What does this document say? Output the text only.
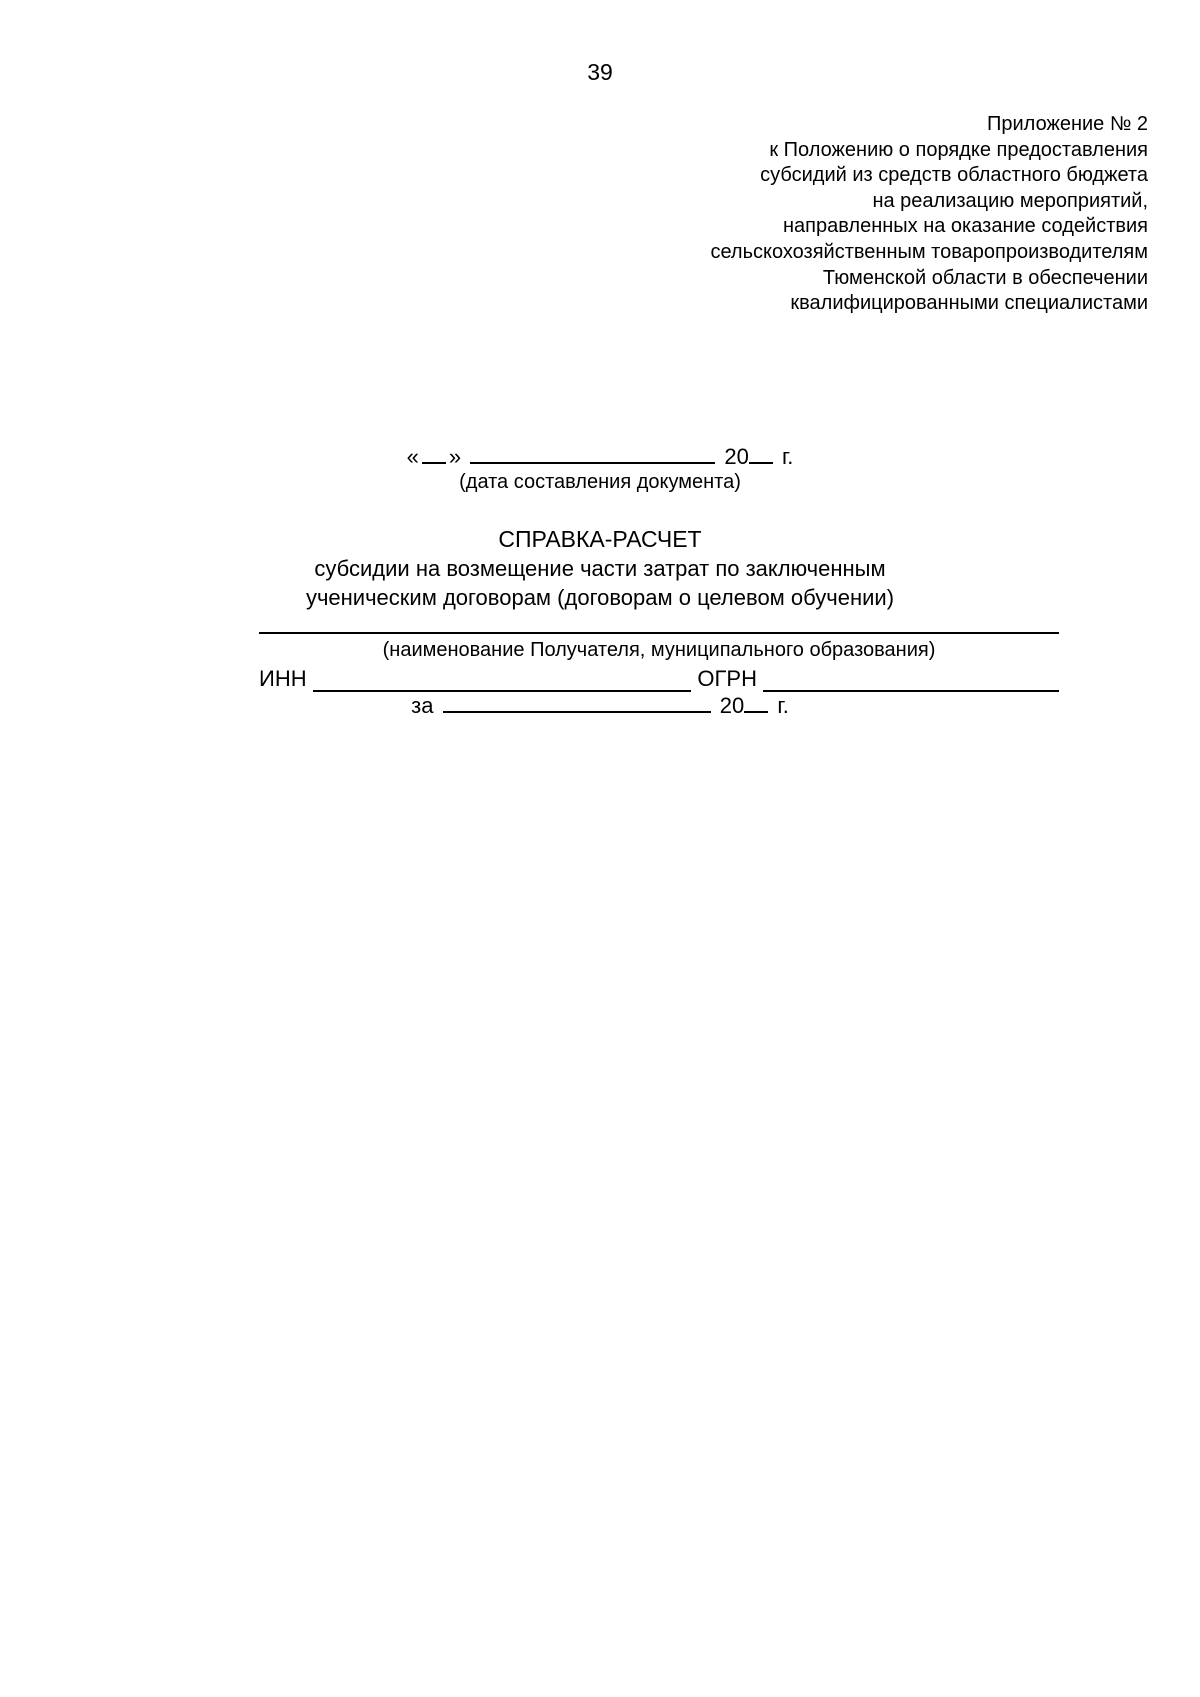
39
Приложение № 2
к Положению о порядке предоставления
субсидий из средств областного бюджета
на реализацию мероприятий,
направленных на оказание содействия
сельскохозяйственным товаропроизводителям
Тюменской области в обеспечении
квалифицированными специалистами
« »	20 г.
(дата составления документа)
СПРАВКА-РАСЧЕТ
субсидии на возмещение части затрат по заключенным
ученическим договорам (договорам о целевом обучении)
(наименование Получателя, муниципального образования)
ИНН	ОГРН
за	20 г.
